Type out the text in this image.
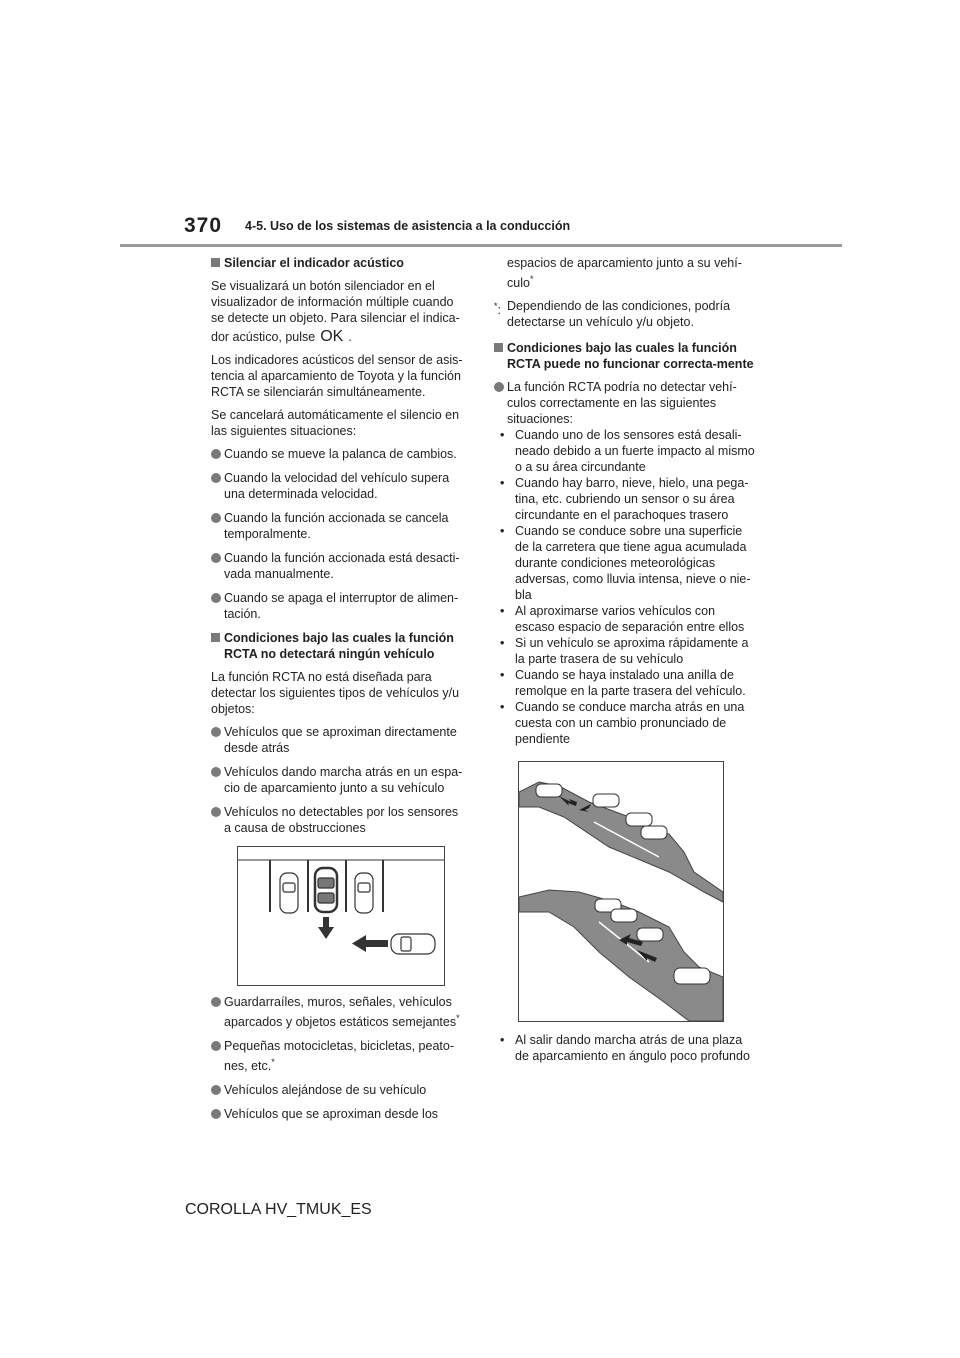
370 4-5. Uso de los sistemas de asistencia a la conducción

Silenciar el indicador acústico

Se visualizará un botón silenciador en el visualizador de información múltiple cuando se detecte un objeto. Para silenciar el indica-

dor acústico, pulse OK .

Los indicadores acústicos del sensor de asis-tencia al aparcamiento de Toyota y la función RCTA se silenciarán simultáneamente.

Se cancelará automáticamente el silencio en las siguientes situaciones:

Cuando se mueve la palanca de cambios.
Cuando la velocidad del vehículo supera una determinada velocidad.
Cuando la función accionada se cancela temporalmente.
Cuando la función accionada está desacti-vada manualmente.
Cuando se apaga el interruptor de alimen-tación.

Condiciones bajo las cuales la función RCTA no detectará ningún vehículo

La función RCTA no está diseñada para detectar los siguientes tipos de vehículos y/u objetos:

Vehículos que se aproximan directamente desde atrás
Vehículos dando marcha atrás en un espa-cio de aparcamiento junto a su vehículo
Vehículos no detectables por los sensores a causa de obstrucciones
Guardarraíles, muros, señales, vehículos aparcados y objetos estáticos semejantes*
Pequeñas motocicletas, bicicletas, peato-nes, etc.*
Vehículos alejándose de su vehículo
Vehículos que se aproximan desde los

espacios de aparcamiento junto a su vehí-culo*

*: Dependiendo de las condiciones, podría detectarse un vehículo y/u objeto.

Condiciones bajo las cuales la función RCTA puede no funcionar correcta-mente

La función RCTA podría no detectar vehí-culos correctamente en las siguientes situaciones:
• Cuando uno de los sensores está desali-neado debido a un fuerte impacto al mismo o a su área circundante
• Cuando hay barro, nieve, hielo, una pega-tina, etc. cubriendo un sensor o su área circundante en el parachoques trasero
• Cuando se conduce sobre una superficie de la carretera que tiene agua acumulada durante condiciones meteorológicas adversas, como lluvia intensa, nieve o nie-bla
• Al aproximarse varios vehículos con escaso espacio de separación entre ellos
• Si un vehículo se aproxima rápidamente a la parte trasera de su vehículo
• Cuando se haya instalado una anilla de remolque en la parte trasera del vehículo.
• Cuando se conduce marcha atrás en una cuesta con un cambio pronunciado de pendiente
• Al salir dando marcha atrás de una plaza de aparcamiento en ángulo poco profundo
COROLLA HV_TMUK_ES
